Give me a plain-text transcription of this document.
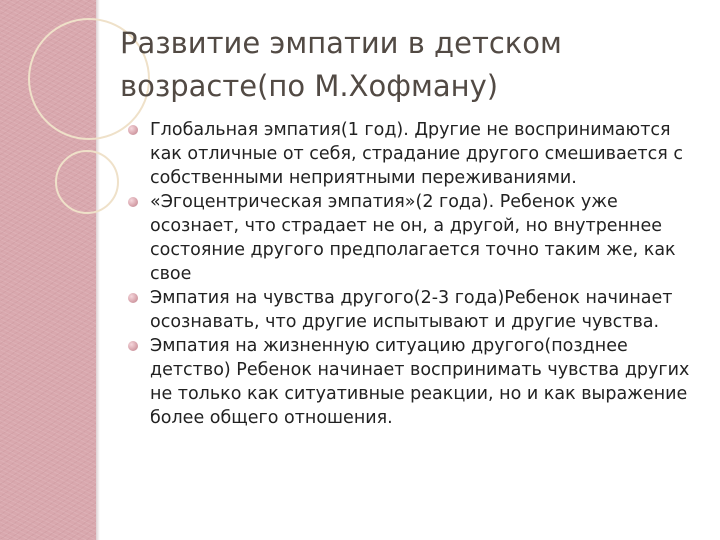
Развитие эмпатии в детском возрасте(по М.Хофману)
Глобальная эмпатия(1 год). Другие не воспринимаются как отличные от себя, страдание другого смешивается с собственными неприятными переживаниями.
«Эгоцентрическая эмпатия»(2 года). Ребенок уже осознает, что страдает не он, а другой, но внутреннее состояние другого предполагается точно таким же, как свое
Эмпатия на чувства другого(2-3 года)Ребенок начинает осознавать, что другие испытывают и другие чувства.
Эмпатия на жизненную ситуацию другого(позднее детство) Ребенок начинает воспринимать чувства других не только как ситуативные реакции, но и как выражение более общего отношения.
